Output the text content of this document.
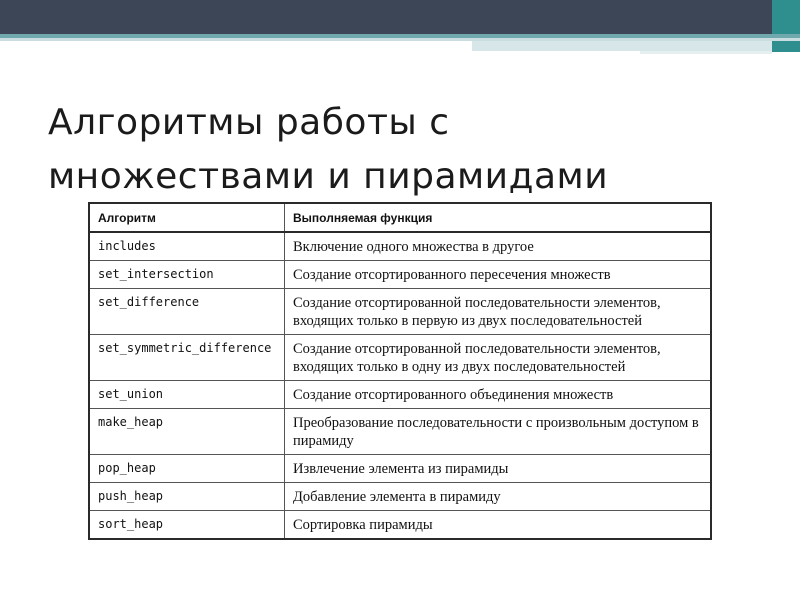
Алгоритмы работы с
множествами и пирамидами
Алгоритм	Выполняемая функция
includes	Включение одного множества в другое
set_intersection	Создание отсортированного пересечения множеств
set_difference	Создание отсортированной последовательности элементов, входящих только в первую из двух последовательностей
set_symmetric_difference	Создание отсортированной последовательности элементов, входящих только в одну из двух последовательностей
set_union	Создание отсортированного объединения множеств
make_heap	Преобразование последовательности с произвольным доступом в пирамиду
pop_heap	Извлечение элемента из пирамиды
push_heap	Добавление элемента в пирамиду
sort_heap	Сортировка пирамиды
